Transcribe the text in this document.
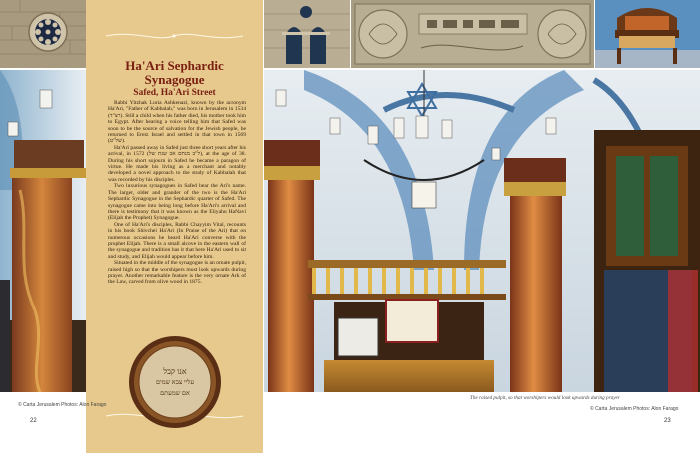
Ha'Ari Sephardic
Synagogue
Safed, Ha'Ari Street

Rabbi Yitzhak Luria Ashkenazi, known by the acronym Ha'Ari, "Father of Kabbalah," was born in Jerusalem in 1534 (רצ"ד). Still a child when his father died, his mother took him to Egypt. After hearing a voice telling him that Safed was soon to be the source of salvation for the Jewish people, he returned to Eretz Israel and settled in that town in 1569 (של"ט).

Ha'Ari passed away in Safed just three short years after his arrival, in 1572 (ל"ב מנחם אב שנת של), at the age of 38. During his short sojourn in Safed he became a paragon of virtue. He made his living as a merchant and notably developed a novel approach to the study of Kabbalah that was recorded by his disciples.

Two luxurious synagogues in Safed bear the Ari's name. The larger, older and grander of the two is the Ha'Ari Sephardic Synagogue in the Sephardic quarter of Safed. The synagogue came into being long before Ha'Ari's arrival and there is testimony that it was known as the Eliyahu HaNavi (Elijah the Prophet) Synagogue.

One of Ha'Ari's disciples, Rabbi Chayyim Vital, recounts in his book Shivchei Ha'Ari (In Praise of the Ari) that on numerous occasions he heard Ha'Ari converse with the prophet Elijah. There is a small alcove in the eastern wall of the synagogue and tradition has it that here Ha'Ari used to sit and study, and Elijah would appear before him.

Situated in the middle of the synagogue is an ornate pulpit, raised high so that the worshipers must look upwards during prayer. Another remarkable feature is the very ornate Ark of the Law, carved from olive wood in 1875.

אנו קבל
עליי צבא שמים
אם שמעתם
© Carta Jerusalem Photos: Alon Farago
22
The raised pulpit, so that worshipers would look upwards during prayer
© Carta Jerusalem Photos: Alon Farago
23
